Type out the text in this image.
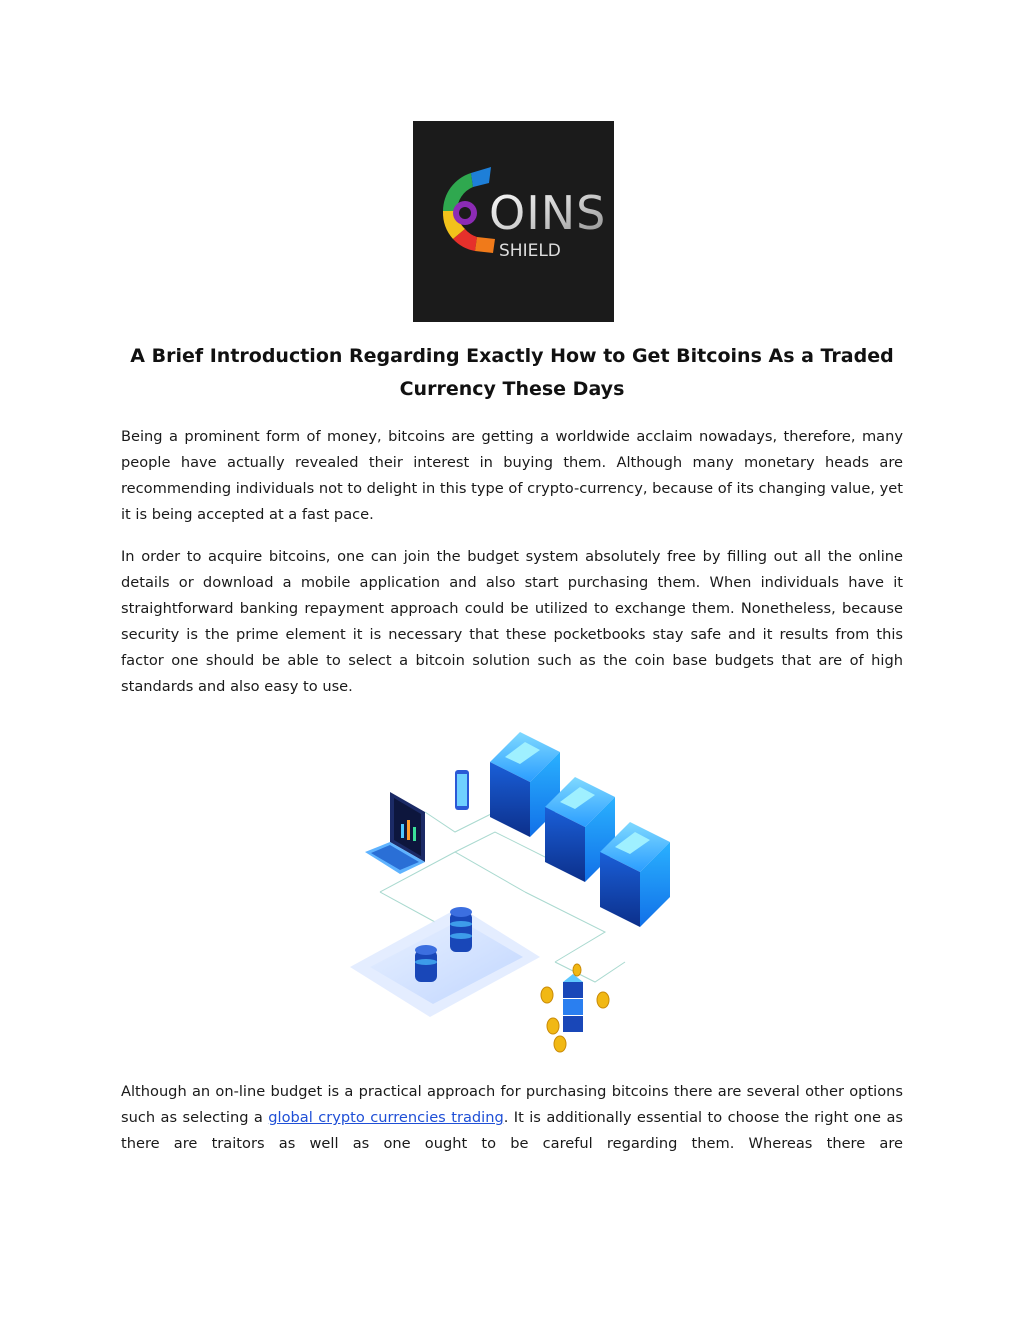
OINS
SHIELD
A Brief Introduction Regarding Exactly How to Get Bitcoins As a Traded Currency These Days

Being a prominent form of money, bitcoins are getting a worldwide acclaim nowadays, therefore, many people have actually revealed their interest in buying them. Although many monetary heads are recommending individuals not to delight in this type of crypto-currency, because of its changing value, yet it is being accepted at a fast pace.

In order to acquire bitcoins, one can join the budget system absolutely free by filling out all the online details or download a mobile application and also start purchasing them. When individuals have it straightforward banking repayment approach could be utilized to exchange them. Nonetheless, because security is the prime element it is necessary that these pocketbooks stay safe and it results from this factor one should be able to select a bitcoin solution such as the coin base budgets that are of high standards and also easy to use.

Although an on-line budget is a practical approach for purchasing bitcoins there are several other options such as selecting a global crypto currencies trading. It is additionally essential to choose the right one as there are traitors as well as one ought to be careful regarding them. Whereas there are
